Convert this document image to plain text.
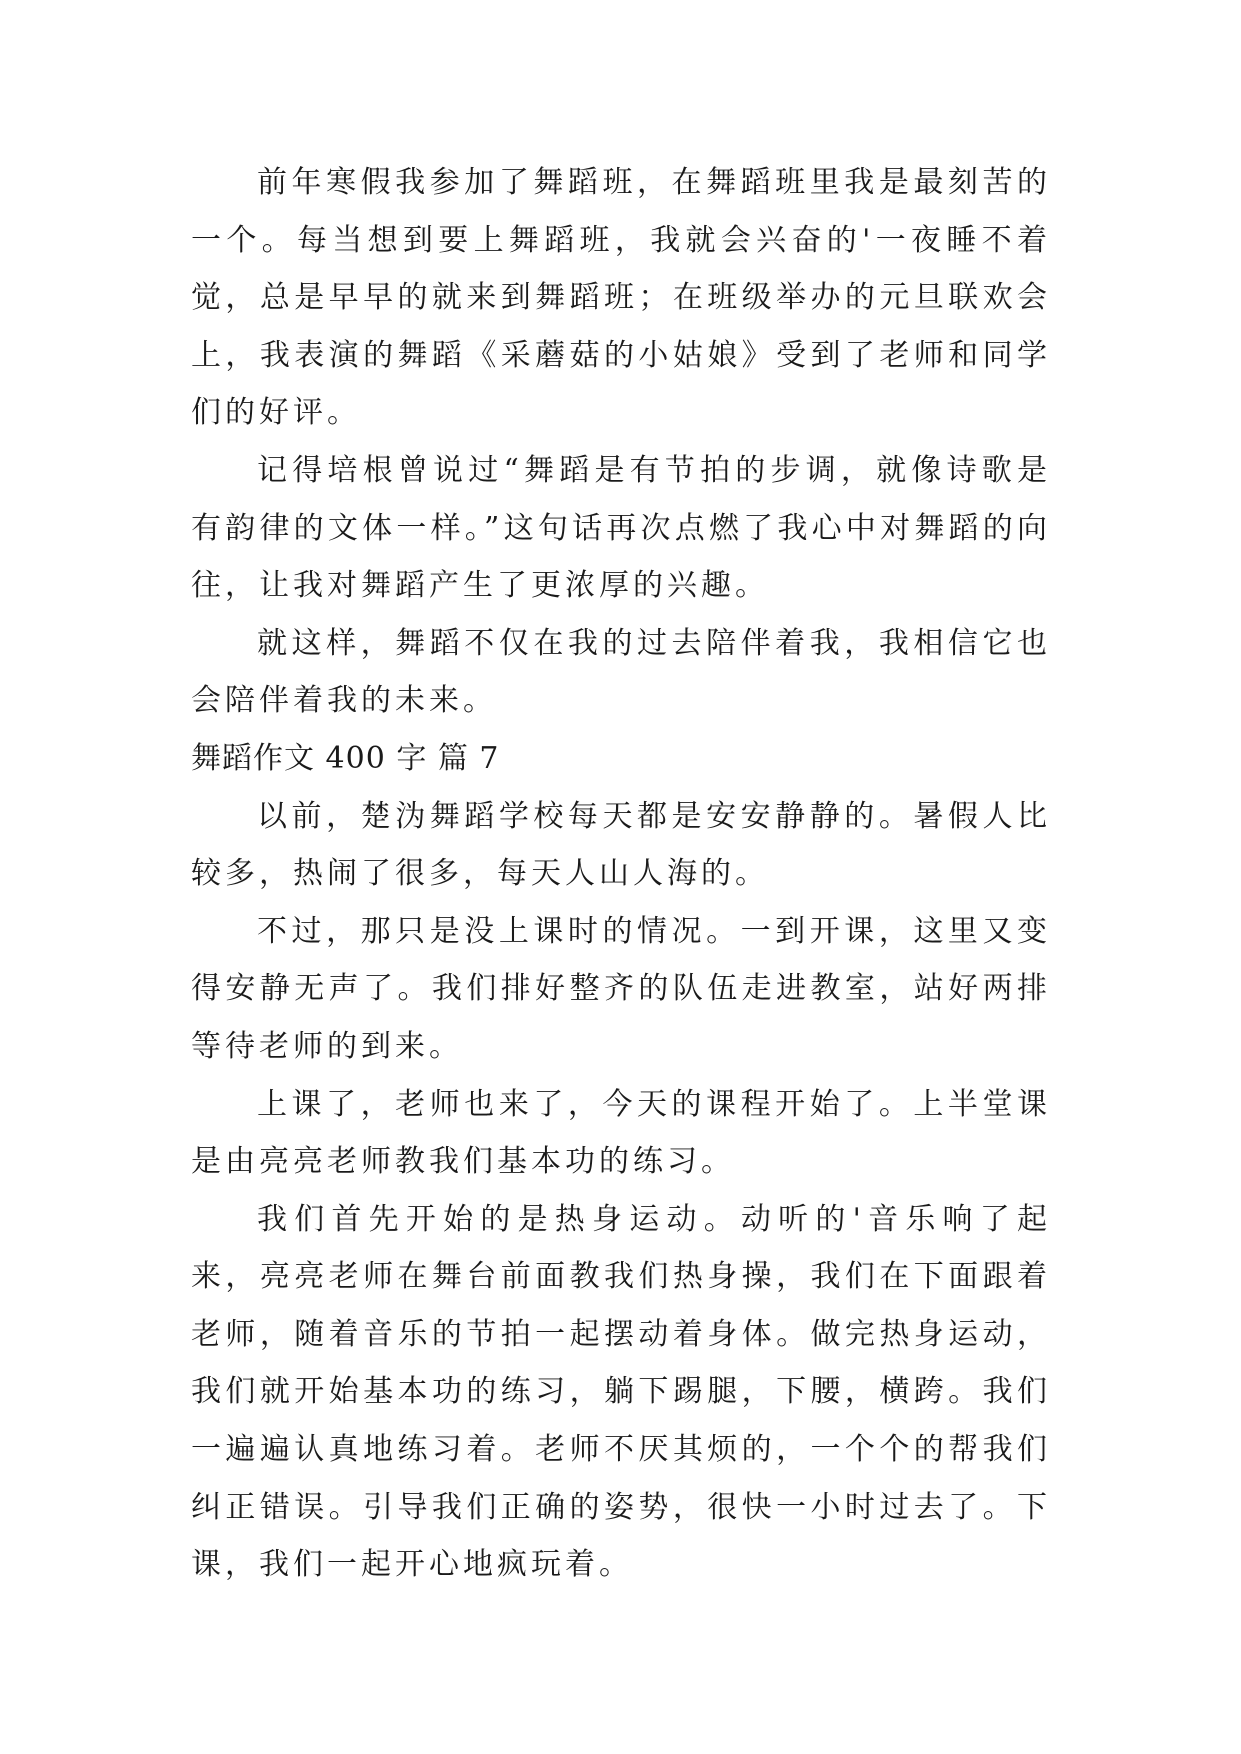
前年寒假我参加了舞蹈班，在舞蹈班里我是最刻苦的一个。每当想到要上舞蹈班，我就会兴奋的'一夜睡不着觉，总是早早的就来到舞蹈班；在班级举办的元旦联欢会上，我表演的舞蹈《采蘑菇的小姑娘》受到了老师和同学们的好评。

记得培根曾说过“舞蹈是有节拍的步调，就像诗歌是有韵律的文体一样。”这句话再次点燃了我心中对舞蹈的向往，让我对舞蹈产生了更浓厚的兴趣。

就这样，舞蹈不仅在我的过去陪伴着我，我相信它也会陪伴着我的未来。

舞蹈作文 400 字 篇 7

以前，楚沩舞蹈学校每天都是安安静静的。暑假人比较多，热闹了很多，每天人山人海的。

不过，那只是没上课时的情况。一到开课，这里又变得安静无声了。我们排好整齐的队伍走进教室，站好两排等待老师的到来。

上课了，老师也来了，今天的课程开始了。上半堂课是由亮亮老师教我们基本功的练习。

我们首先开始的是热身运动。动听的'音乐响了起来，亮亮老师在舞台前面教我们热身操，我们在下面跟着老师，随着音乐的节拍一起摆动着身体。做完热身运动，我们就开始基本功的练习，躺下踢腿，下腰，横跨。我们一遍遍认真地练习着。老师不厌其烦的，一个个的帮我们纠正错误。引导我们正确的姿势，很快一小时过去了。下课，我们一起开心地疯玩着。
